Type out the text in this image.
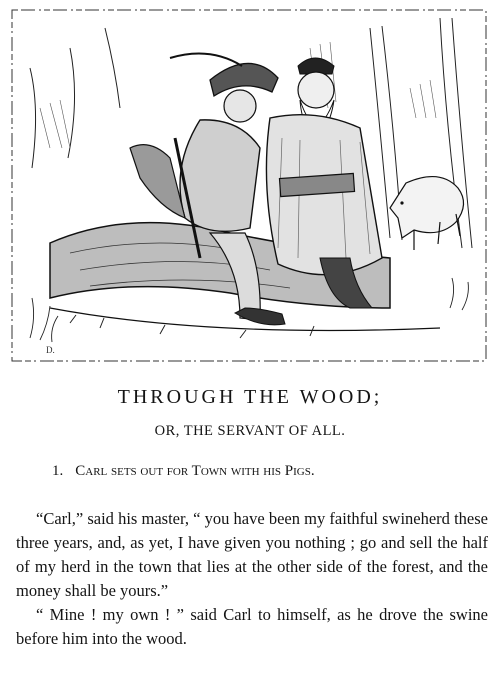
D.
THROUGH THE WOOD;
OR, THE SERVANT OF ALL.
1. Carl sets out for Town with his Pigs.

“Carl,” said his master, “ you have been my faithful swineherd these three years, and, as yet, I have given you nothing ; go and sell the half of my herd in the town that lies at the other side of the forest, and the money shall be yours.”

“ Mine ! my own ! ” said Carl to himself, as he drove the swine before him into the wood.
